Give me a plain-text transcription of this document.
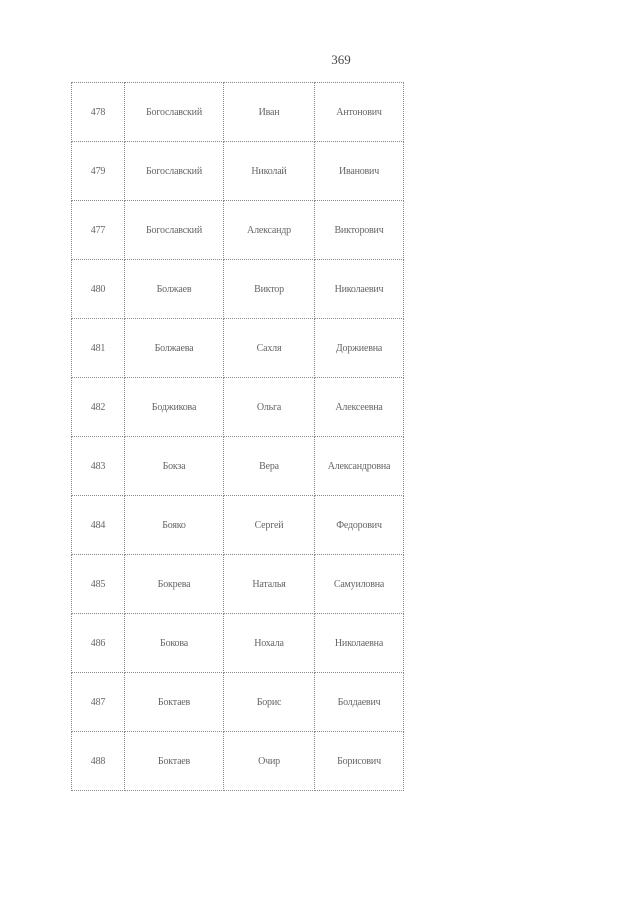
369
478	Богославский	Иван	Антонович
479	Богославский	Николай	Иванович
477	Богославский	Александр	Викторович
480	Болжаев	Виктор	Николаевич
481	Болжаева	Сахля	Доржиевна
482	Боджикова	Ольга	Алексеевна
483	Бокза	Вера	Александровна
484	Бояко	Сергей	Федорович
485	Бокрева	Наталья	Самуиловна
486	Бокова	Нохала	Николаевна
487	Боктаев	Борис	Болдаевич
488	Боктаев	Очир	Борисович
